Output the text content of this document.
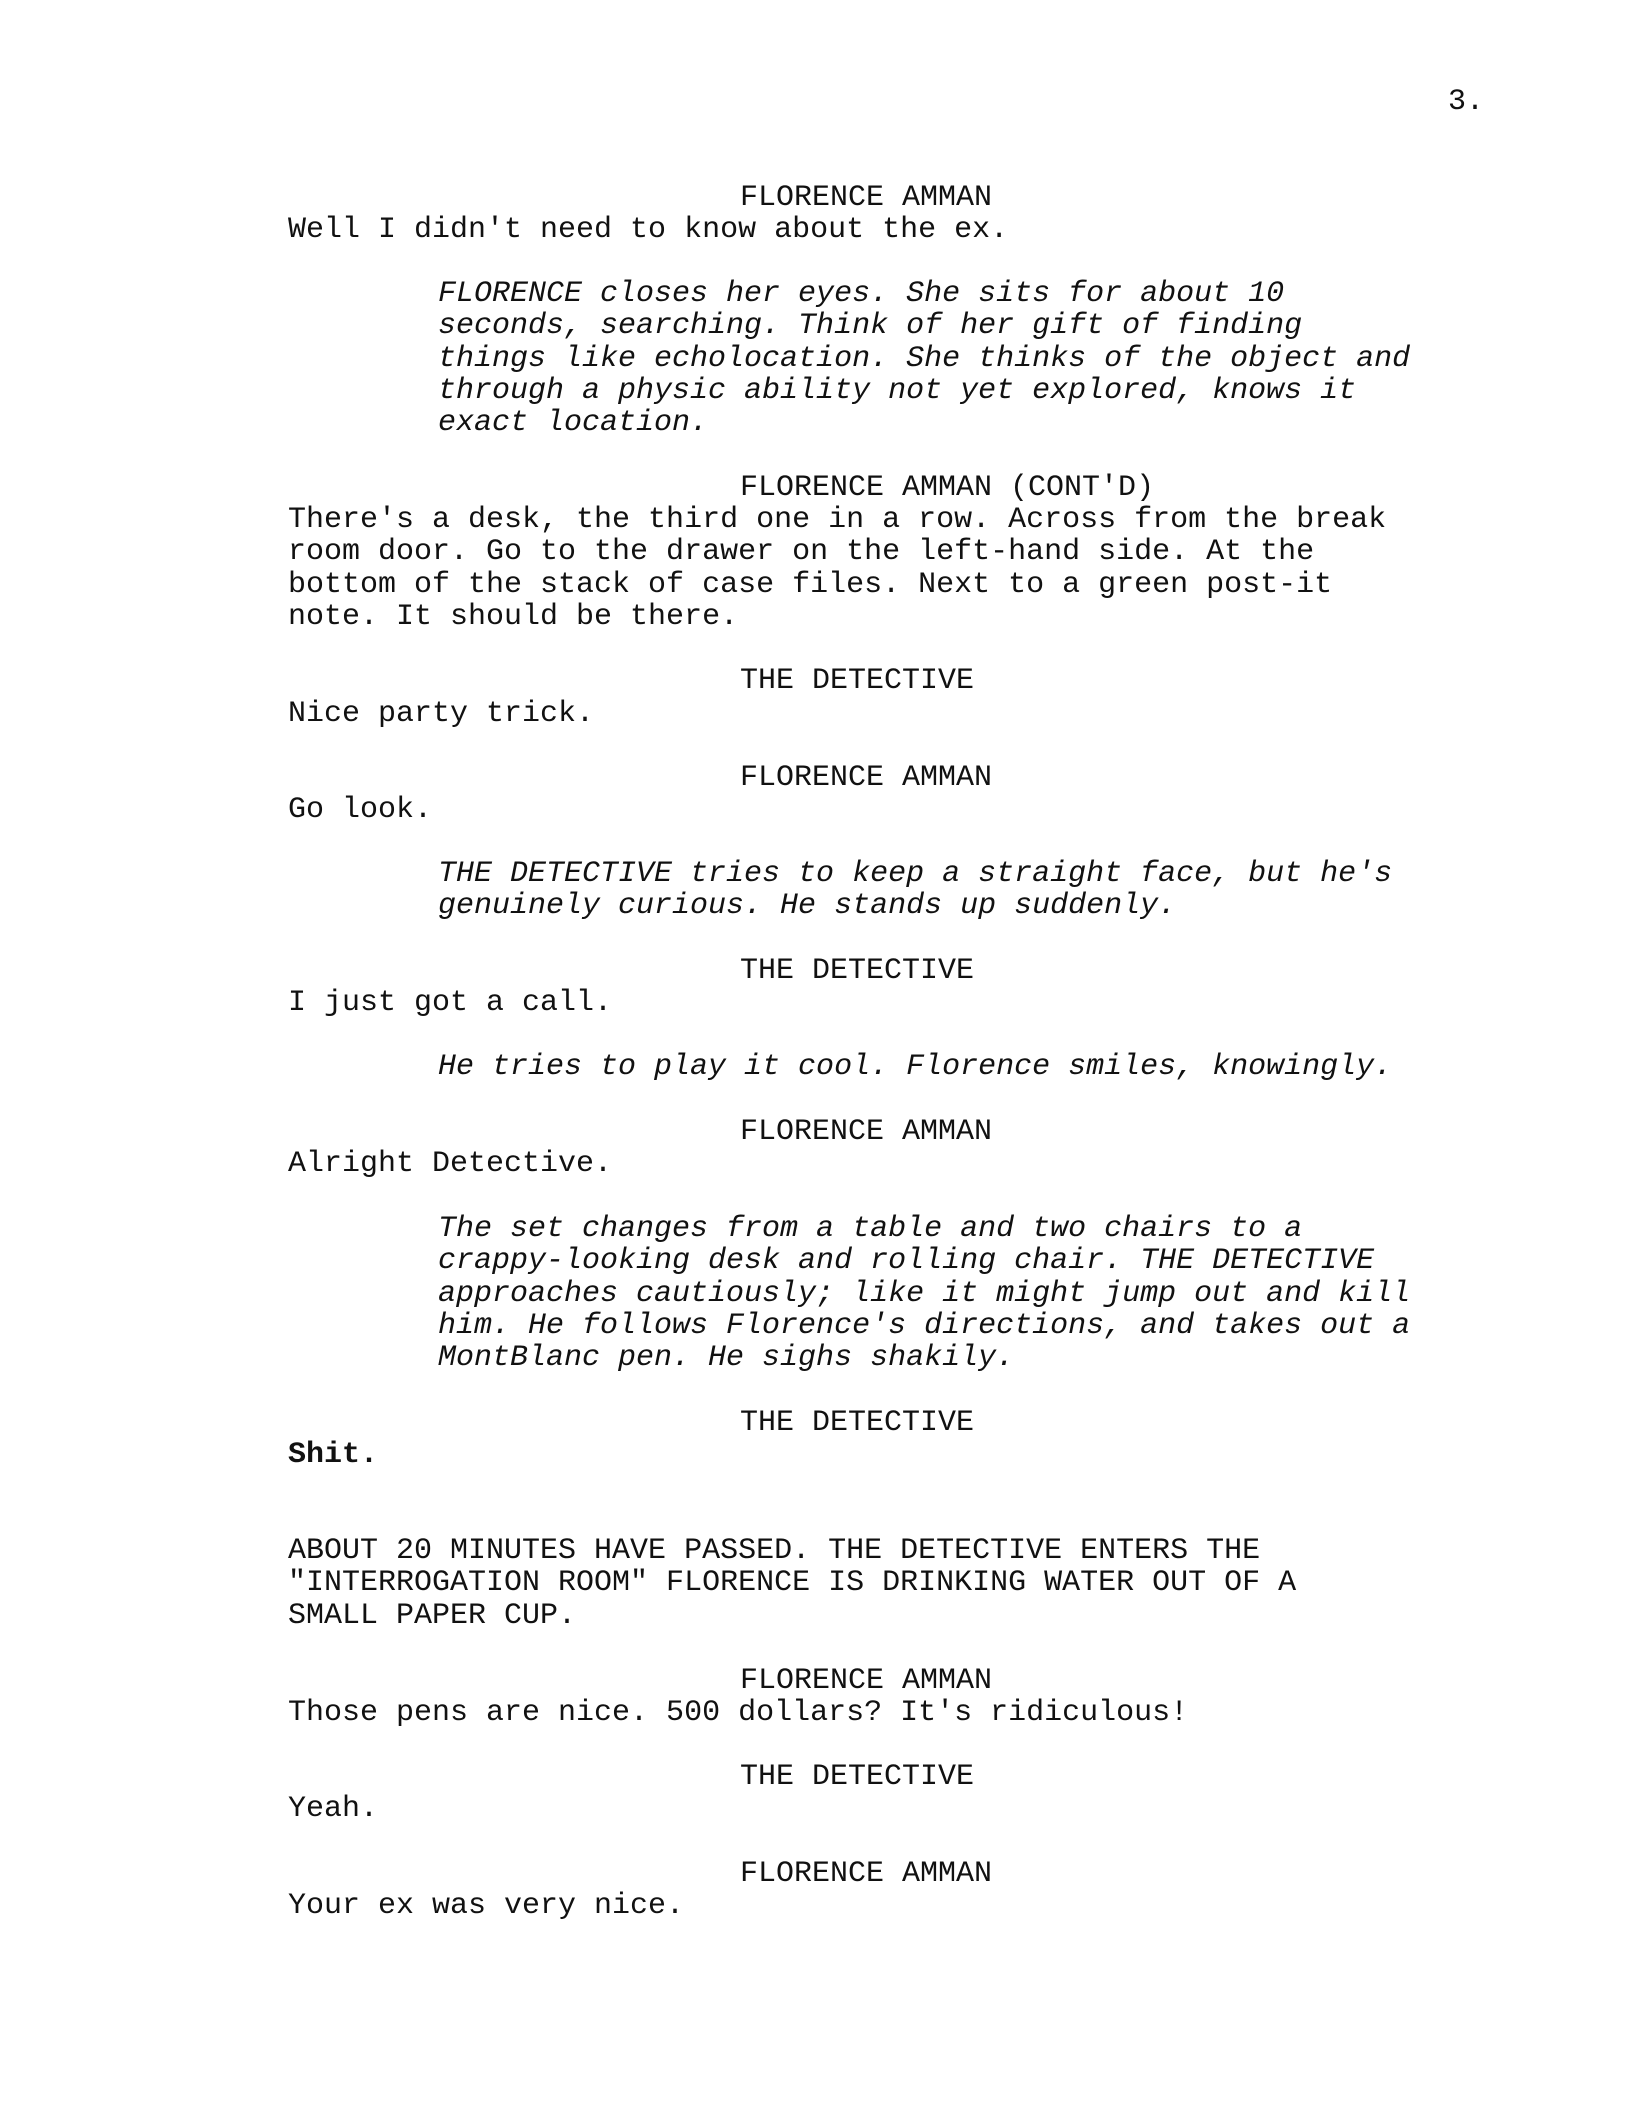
3.
FLORENCE AMMAN
Well I didn't need to know about the ex.
FLORENCE closes her eyes. She sits for about 10
seconds, searching. Think of her gift of finding
things like echolocation. She thinks of the object and
through a physic ability not yet explored, knows it
exact location.
FLORENCE AMMAN (CONT'D)
There's a desk, the third one in a row. Across from the break
room door. Go to the drawer on the left-hand side. At the
bottom of the stack of case files. Next to a green post-it
note. It should be there.
THE DETECTIVE
Nice party trick.
FLORENCE AMMAN
Go look.
THE DETECTIVE tries to keep a straight face, but he's
genuinely curious. He stands up suddenly.
THE DETECTIVE
I just got a call.
He tries to play it cool. Florence smiles, knowingly.
FLORENCE AMMAN
Alright Detective.
The set changes from a table and two chairs to a
crappy-looking desk and rolling chair. THE DETECTIVE
approaches cautiously; like it might jump out and kill
him. He follows Florence's directions, and takes out a
MontBlanc pen. He sighs shakily.
THE DETECTIVE
Shit.
ABOUT 20 MINUTES HAVE PASSED. THE DETECTIVE ENTERS THE
"INTERROGATION ROOM" FLORENCE IS DRINKING WATER OUT OF A
SMALL PAPER CUP.
FLORENCE AMMAN
Those pens are nice. 500 dollars? It's ridiculous!
THE DETECTIVE
Yeah.
FLORENCE AMMAN
Your ex was very nice.
